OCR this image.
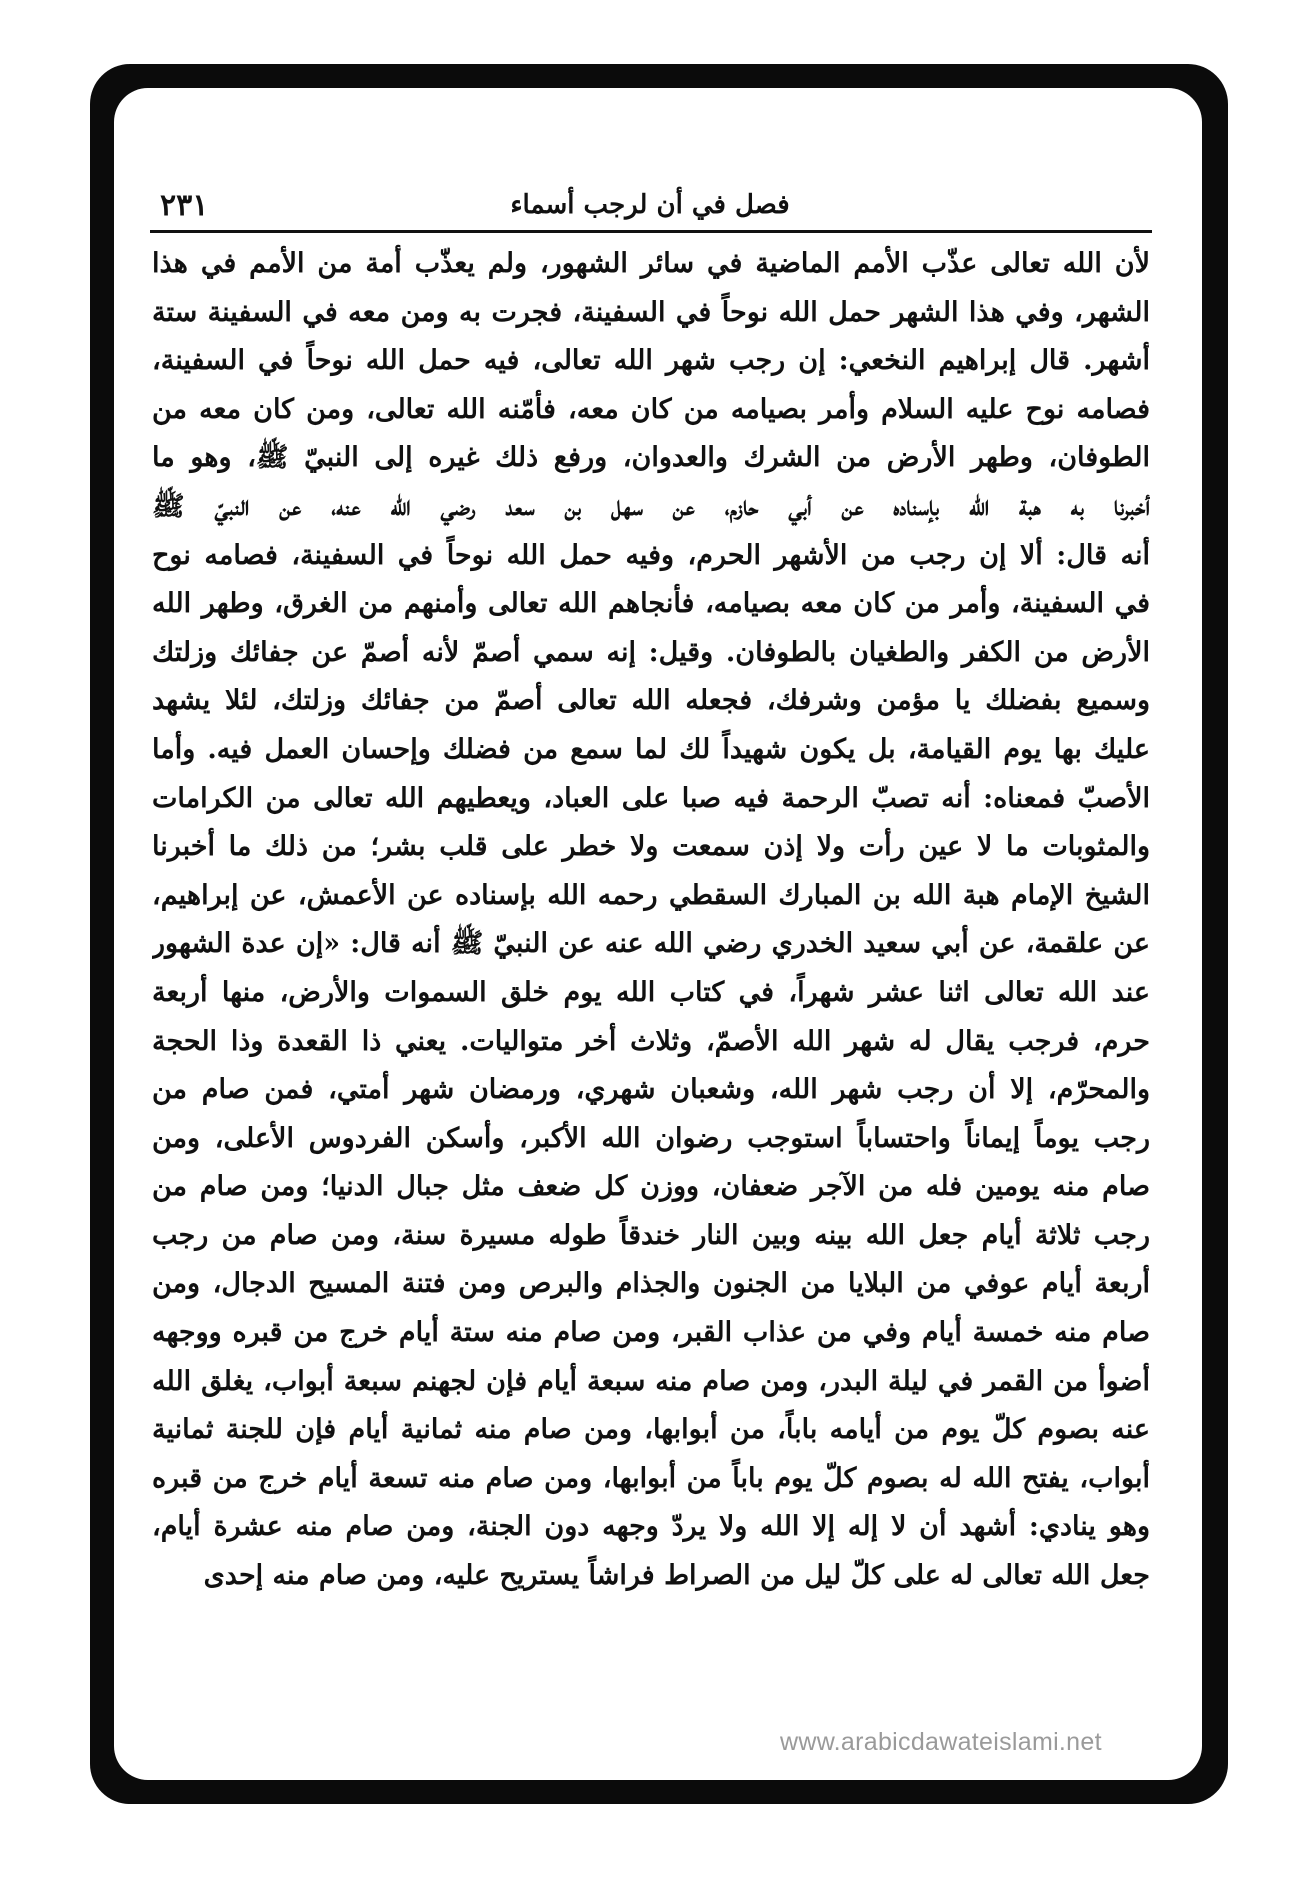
فصل في أن لرجب أسماء
٢٣١
لأن الله تعالى عذّب الأمم الماضية في سائر الشهور، ولم يعذّب أمة من الأمم في هذا
الشهر، وفي هذا الشهر حمل الله نوحاً في السفينة، فجرت به ومن معه في السفينة ستة
أشهر. قال إبراهيم النخعي: إن رجب شهر الله تعالى، فيه حمل الله نوحاً في السفينة،
فصامه نوح عليه السلام وأمر بصيامه من كان معه، فأمّنه الله تعالى، ومن كان معه من
الطوفان، وطهر الأرض من الشرك والعدوان، ورفع ذلك غيره إلى النبيّ ﷺ، وهو ما
أخبرنا به هبة الله بإسناده عن أبي حازم، عن سهل بن سعد رضي الله عنه، عن النبيّ ﷺ
أنه قال: ألا إن رجب من الأشهر الحرم، وفيه حمل الله نوحاً في السفينة، فصامه نوح
في السفينة، وأمر من كان معه بصيامه، فأنجاهم الله تعالى وأمنهم من الغرق، وطهر الله
الأرض من الكفر والطغيان بالطوفان. وقيل: إنه سمي أصمّ لأنه أصمّ عن جفائك وزلتك
وسميع بفضلك يا مؤمن وشرفك، فجعله الله تعالى أصمّ من جفائك وزلتك، لئلا يشهد
عليك بها يوم القيامة، بل يكون شهيداً لك لما سمع من فضلك وإحسان العمل فيه. وأما
الأصبّ فمعناه: أنه تصبّ الرحمة فيه صبا على العباد، ويعطيهم الله تعالى من الكرامات
والمثوبات ما لا عين رأت ولا إذن سمعت ولا خطر على قلب بشر؛ من ذلك ما أخبرنا
الشيخ الإمام هبة الله بن المبارك السقطي رحمه الله بإسناده عن الأعمش، عن إبراهيم،
عن علقمة، عن أبي سعيد الخدري رضي الله عنه عن النبيّ ﷺ أنه قال: «إن عدة الشهور
عند الله تعالى اثنا عشر شهراً، في كتاب الله يوم خلق السموات والأرض، منها أربعة
حرم، فرجب يقال له شهر الله الأصمّ، وثلاث أخر متواليات. يعني ذا القعدة وذا الحجة
والمحرّم، إلا أن رجب شهر الله، وشعبان شهري، ورمضان شهر أمتي، فمن صام من
رجب يوماً إيماناً واحتساباً استوجب رضوان الله الأكبر، وأسكن الفردوس الأعلى، ومن
صام منه يومين فله من الآجر ضعفان، ووزن كل ضعف مثل جبال الدنيا؛ ومن صام من
رجب ثلاثة أيام جعل الله بينه وبين النار خندقاً طوله مسيرة سنة، ومن صام من رجب
أربعة أيام عوفي من البلايا من الجنون والجذام والبرص ومن فتنة المسيح الدجال، ومن
صام منه خمسة أيام وفي من عذاب القبر، ومن صام منه ستة أيام خرج من قبره ووجهه
أضوأ من القمر في ليلة البدر، ومن صام منه سبعة أيام فإن لجهنم سبعة أبواب، يغلق الله
عنه بصوم كلّ يوم من أيامه باباً، من أبوابها، ومن صام منه ثمانية أيام فإن للجنة ثمانية
أبواب، يفتح الله له بصوم كلّ يوم باباً من أبوابها، ومن صام منه تسعة أيام خرج من قبره
وهو ينادي: أشهد أن لا إله إلا الله ولا يردّ وجهه دون الجنة، ومن صام منه عشرة أيام،
جعل الله تعالى له على كلّ ليل من الصراط فراشاً يستريح عليه، ومن صام منه إحدى
www.arabicdawateislami.net
